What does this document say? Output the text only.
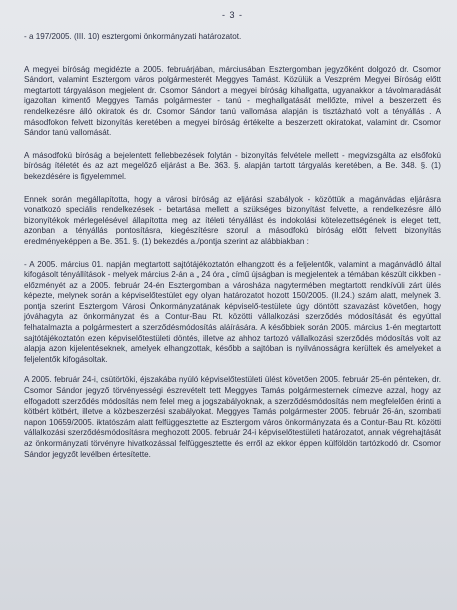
- 3 -

- a 197/2005. (III. 10) esztergomi önkormányzati határozatot.

A megyei bíróság megidézte a 2005. februárjában, márciusában Esztergomban jegyzőként dolgozó dr. Csomor Sándort, valamint Esztergom város polgármesterét Meggyes Tamást. Közülük a Veszprém Megyei Bíróság előtt megtartott tárgyaláson megjelent dr. Csomor Sándort a megyei bíróság kihallgatta, ugyanakkor a távolmaradását igazoltan kimentő Meggyes Tamás polgármester - tanú - meghallgatását mellőzte, mivel a beszerzett és rendelkezésre álló okiratok és dr. Csomor Sándor tanú vallomása alapján is tisztázható volt a tényállás . A másodfokon felvett bizonyítás keretében a megyei bíróság értékelte a beszerzett okiratokat, valamint dr. Csomor Sándor tanú vallomását.

A másodfokú bíróság a bejelentett fellebbezések folytán - bizonyítás felvétele mellett - megvizsgálta az elsőfokú bíróság ítéletét és az azt megelőző eljárást a Be. 363. §. alapján tartott tárgyalás keretében, a Be. 348. §. (1) bekezdésére is figyelemmel.

Ennek során megállapította, hogy a városi bíróság az eljárási szabályok - közöttük a magánvádas eljárásra vonatkozó speciális rendelkezések - betartása mellett a szükséges bizonyítást felvette, a rendelkezésre álló bizonyítékok mérlegelésével állapította meg az ítéleti tényállást és indokolási kötelezettségének is eleget tett, azonban a tényállás pontosításra, kiegészítésre szorul a másodfokú bíróság előtt felvett bizonyítás eredményeképpen a Be. 351. §. (1) bekezdés a./pontja szerint az alábbiakban :

- A 2005. március 01. napján megtartott sajtótájékoztatón elhangzott és a feljelentők, valamint a magánvádló által kifogásolt tényállítások - melyek március 2-án a „ 24 óra „ című újságban is megjelentek a témában készült cikkben - előzményét az a 2005. február 24-én Esztergomban a városháza nagytermében megtartott rendkívüli zárt ülés képezte, melynek során a képviselőtestület egy olyan határozatot hozott 150/2005. (II.24.) szám alatt, melynek 3. pontja szerint Esztergom Városi Önkormányzatának képviselő-testülete úgy döntött szavazást követően, hogy jóváhagyta az önkormányzat és a Contur-Bau Rt. közötti vállalkozási szerződés módosítását és egyúttal felhatalmazta a polgármestert a szerződésmódosítás aláírására. A későbbiek során 2005. március 1-én megtartott sajtótájékoztatón ezen képviselőtestületi döntés, illetve az ahhoz tartozó vállalkozási szerződés módosítás volt az alapja azon kijelentéseknek, amelyek elhangzottak, később a sajtóban is nyilvánosságra kerültek és amelyeket a feljelentők kifogásoltak.

A 2005. február 24-i, csütörtöki, éjszakába nyúló képviselőtestületi ülést követően 2005. február 25-én pénteken, dr. Csomor Sándor jegyző törvényességi észrevételt tett Meggyes Tamás polgármesternek címezve azzal, hogy az elfogadott szerződés módosítás nem felel meg a jogszabályoknak, a szerződésmódosítás nem megfelelően érinti a kötbért kötbért, illetve a közbeszerzési szabályokat. Meggyes Tamás polgármester 2005. február 26-án, szombati napon 10659/2005. iktatószám alatt felfüggesztette az Esztergom város önkormányzata és a Contur-Bau Rt. közötti vállalkozási szerződésmódosításra meghozott 2005. február 24-i képviselőtestületi határozatot, annak végrehajtását az önkormányzati törvényre hivatkozással felfüggesztette és erről az ekkor éppen külföldön tartózkodó dr. Csomor Sándor jegyzőt levélben értesítette.
